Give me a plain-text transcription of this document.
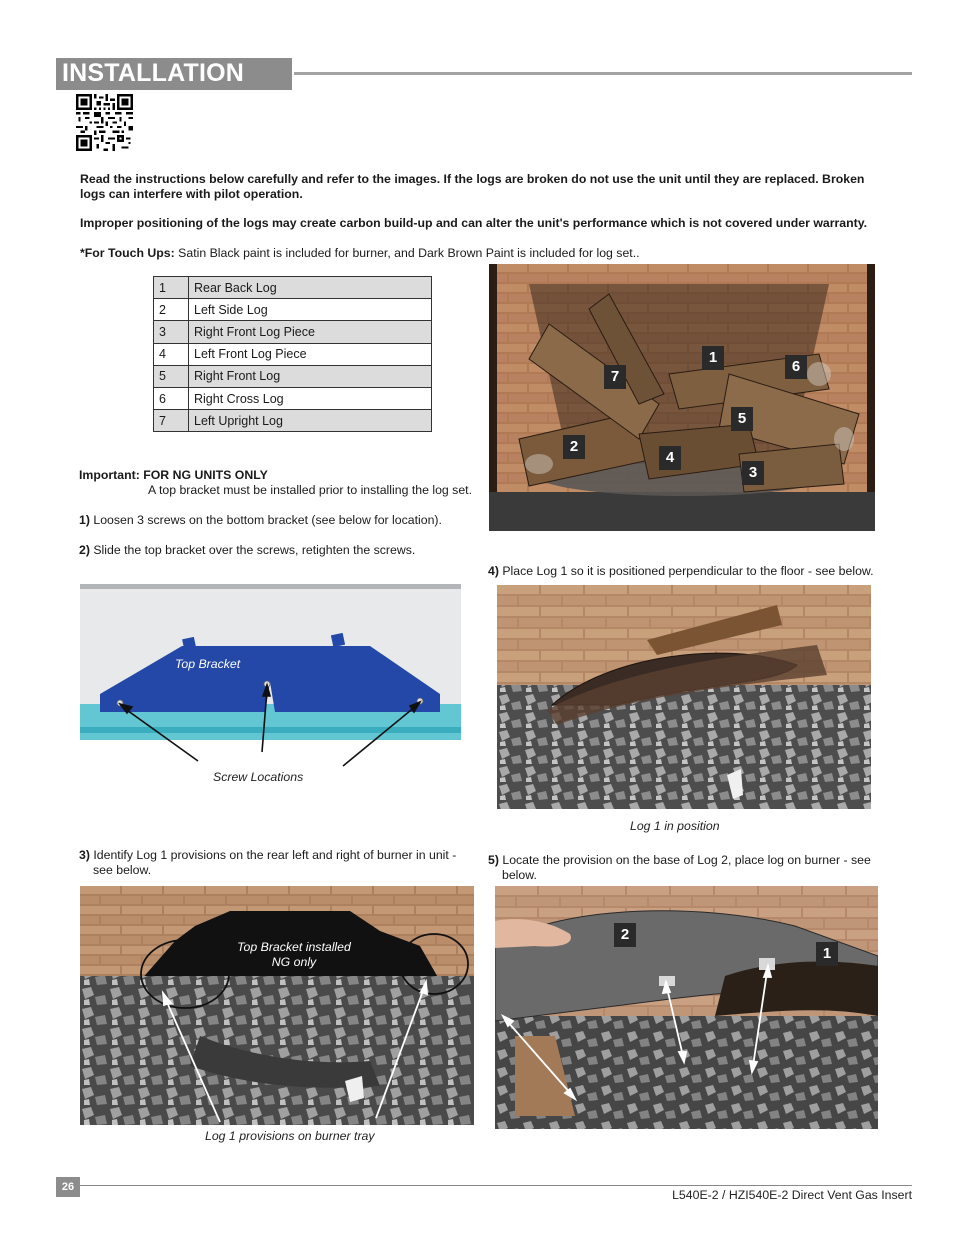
INSTALLATION
Read the instructions below carefully and refer to the images. If the logs are broken do not use the unit until they are replaced. Broken logs can interfere with pilot operation.
Improper positioning of the logs may create carbon build-up and can alter the unit's performance which is not covered under warranty.
*For Touch Ups: Satin Black paint is included for burner, and Dark Brown Paint is included for log set..
1	Rear Back Log
2	Left Side Log
3	Right Front Log Piece
4	Left Front Log Piece
5	Right Front Log
6	Right Cross Log
7	Left Upright Log
1
6
7
5
2
4
3
Important: FOR NG UNITS ONLY
A top bracket must be installed prior to installing the log set.
1) Loosen 3 screws on the bottom bracket (see below for location).
2) Slide the top bracket over the screws, retighten the screws.
4) Place Log 1 so it is positioned perpendicular to the floor - see below.
Top Bracket
Screw Locations
Log 1 in position
3) Identify Log 1 provisions on the rear left and right of burner in unit - see below.
5) Locate the provision on the base of Log 2, place log on burner - see below.
Top Bracket installed
NG only
Log 1 provisions on burner tray
2
1
26
L540E-2 / HZI540E-2 Direct Vent Gas Insert
